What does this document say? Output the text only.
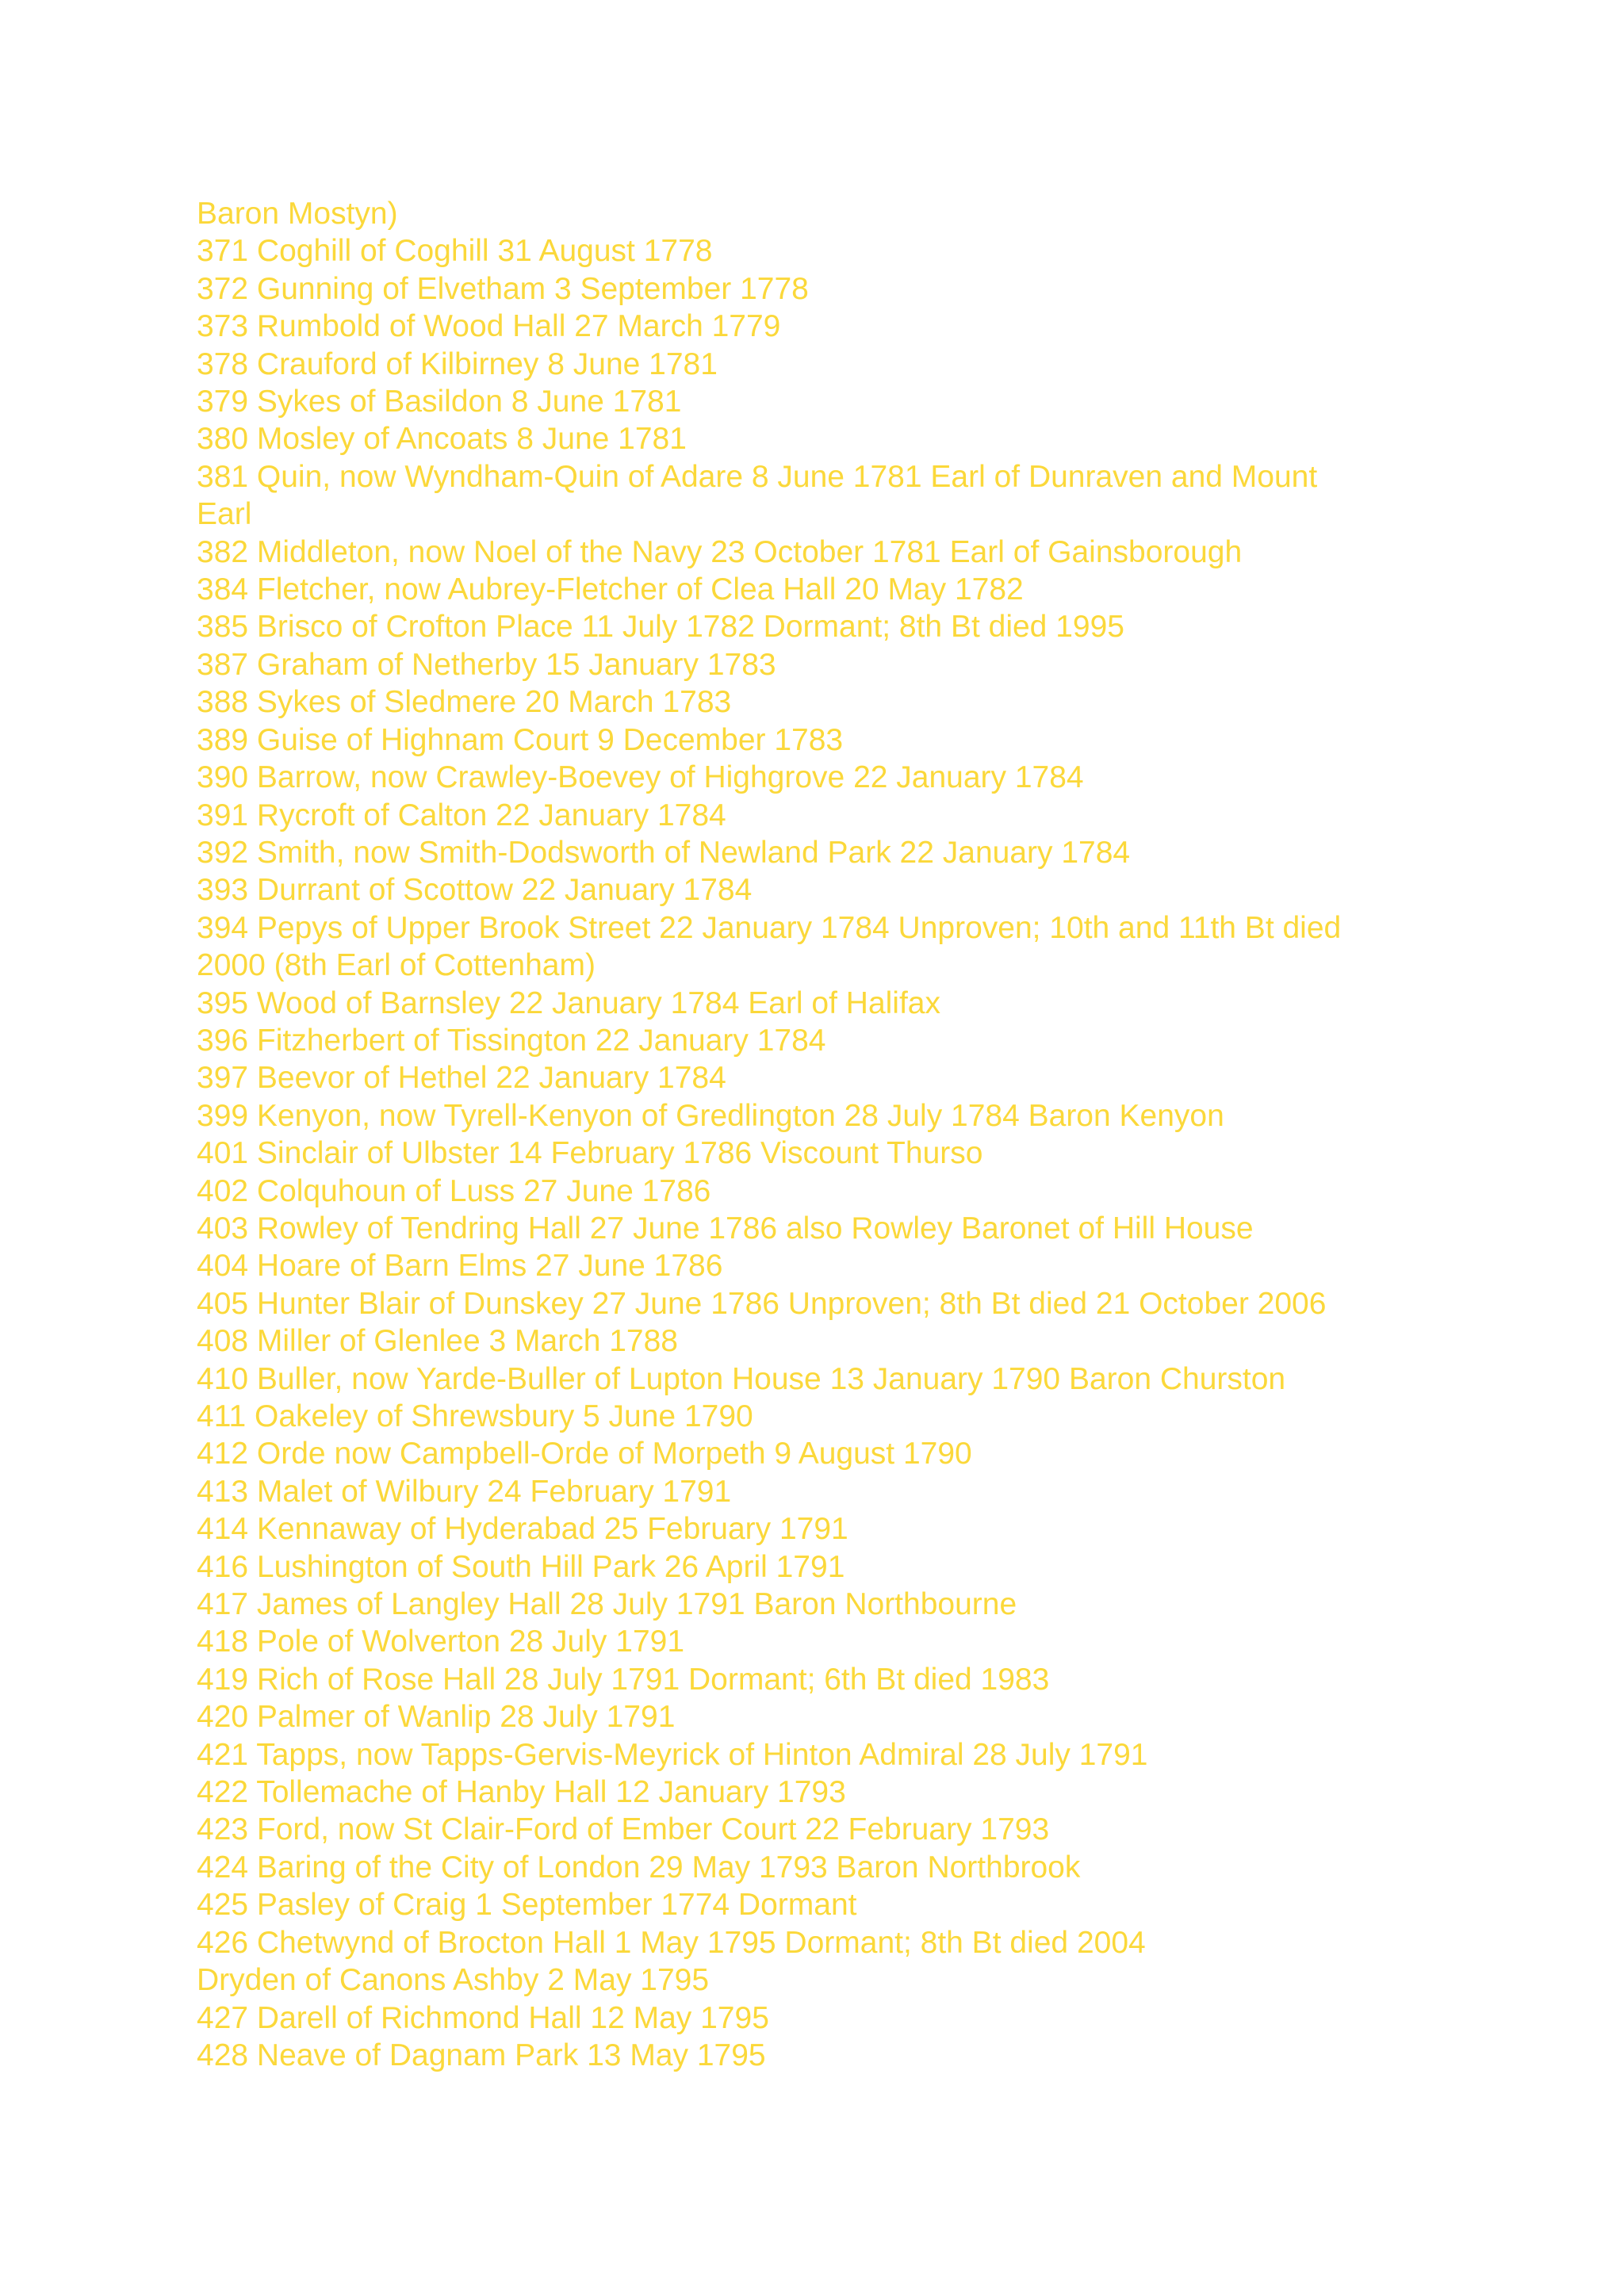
Baron Mostyn)
371 Coghill of Coghill 31 August 1778
372 Gunning of Elvetham 3 September 1778
373 Rumbold of Wood Hall 27 March 1779
378 Crauford of Kilbirney 8 June 1781
379 Sykes of Basildon 8 June 1781
380 Mosley of Ancoats 8 June 1781
381 Quin, now Wyndham-Quin of Adare 8 June 1781 Earl of Dunraven and Mount
Earl
382 Middleton, now Noel of the Navy 23 October 1781 Earl of Gainsborough
384 Fletcher, now Aubrey-Fletcher of Clea Hall 20 May 1782
385 Brisco of Crofton Place 11 July 1782 Dormant; 8th Bt died 1995
387 Graham of Netherby 15 January 1783
388 Sykes of Sledmere 20 March 1783
389 Guise of Highnam Court 9 December 1783
390 Barrow, now Crawley-Boevey of Highgrove 22 January 1784
391 Rycroft of Calton 22 January 1784
392 Smith, now Smith-Dodsworth of Newland Park 22 January 1784
393 Durrant of Scottow 22 January 1784
394 Pepys of Upper Brook Street 22 January 1784 Unproven; 10th and 11th Bt died
2000 (8th Earl of Cottenham)
395 Wood of Barnsley 22 January 1784 Earl of Halifax
396 Fitzherbert of Tissington 22 January 1784
397 Beevor of Hethel 22 January 1784
399 Kenyon, now Tyrell-Kenyon of Gredlington 28 July 1784 Baron Kenyon
401 Sinclair of Ulbster 14 February 1786 Viscount Thurso
402 Colquhoun of Luss 27 June 1786
403 Rowley of Tendring Hall 27 June 1786 also Rowley Baronet of Hill House
404 Hoare of Barn Elms 27 June 1786
405 Hunter Blair of Dunskey 27 June 1786 Unproven; 8th Bt died 21 October 2006
408 Miller of Glenlee 3 March 1788
410 Buller, now Yarde-Buller of Lupton House 13 January 1790 Baron Churston
411 Oakeley of Shrewsbury 5 June 1790
412 Orde now Campbell-Orde of Morpeth 9 August 1790
413 Malet of Wilbury 24 February 1791
414 Kennaway of Hyderabad 25 February 1791
416 Lushington of South Hill Park 26 April 1791
417 James of Langley Hall 28 July 1791 Baron Northbourne
418 Pole of Wolverton 28 July 1791
419 Rich of Rose Hall 28 July 1791 Dormant; 6th Bt died 1983
420 Palmer of Wanlip 28 July 1791
421 Tapps, now Tapps-Gervis-Meyrick of Hinton Admiral 28 July 1791
422 Tollemache of Hanby Hall 12 January 1793
423 Ford, now St Clair-Ford of Ember Court 22 February 1793
424 Baring of the City of London 29 May 1793 Baron Northbrook
425 Pasley of Craig 1 September 1774 Dormant
426 Chetwynd of Brocton Hall 1 May 1795 Dormant; 8th Bt died 2004
Dryden of Canons Ashby 2 May 1795
427 Darell of Richmond Hall 12 May 1795
428 Neave of Dagnam Park 13 May 1795
